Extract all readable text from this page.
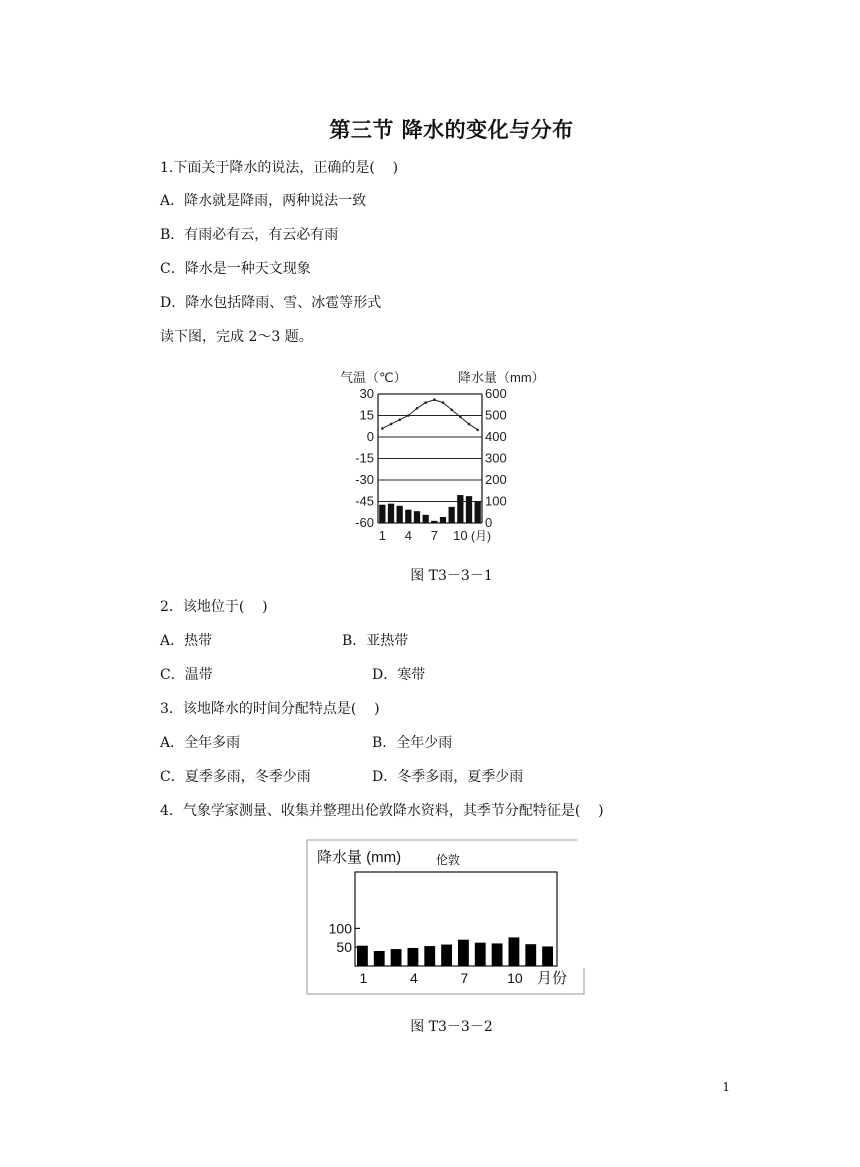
第三节 降水的变化与分布
1.下面关于降水的说法，正确的是(    )
A．降水就是降雨，两种说法一致
B．有雨必有云，有云必有雨
C．降水是一种天文现象
D．降水包括降雨、雪、冰雹等形式
读下图，完成 2～3 题。
气温（℃）	降水量（mm）
30	600
15	500
0	400
-15	300
-30	200
-45	100
-60	0
1 4 7 10 (月)
图 T3－3－1
2．该地位于(    )
A．热带	B．亚热带
C．温带	D．寒带
3．该地降水的时间分配特点是(    )
A．全年多雨	B．全年少雨
C．夏季多雨，冬季少雨	D．冬季多雨，夏季少雨
4．气象学家测量、收集并整理出伦敦降水资料，其季节分配特征是(    )
降水量 (mm)	伦敦
100
50
1	4	7	10 月份
图 T3－3－2
1
